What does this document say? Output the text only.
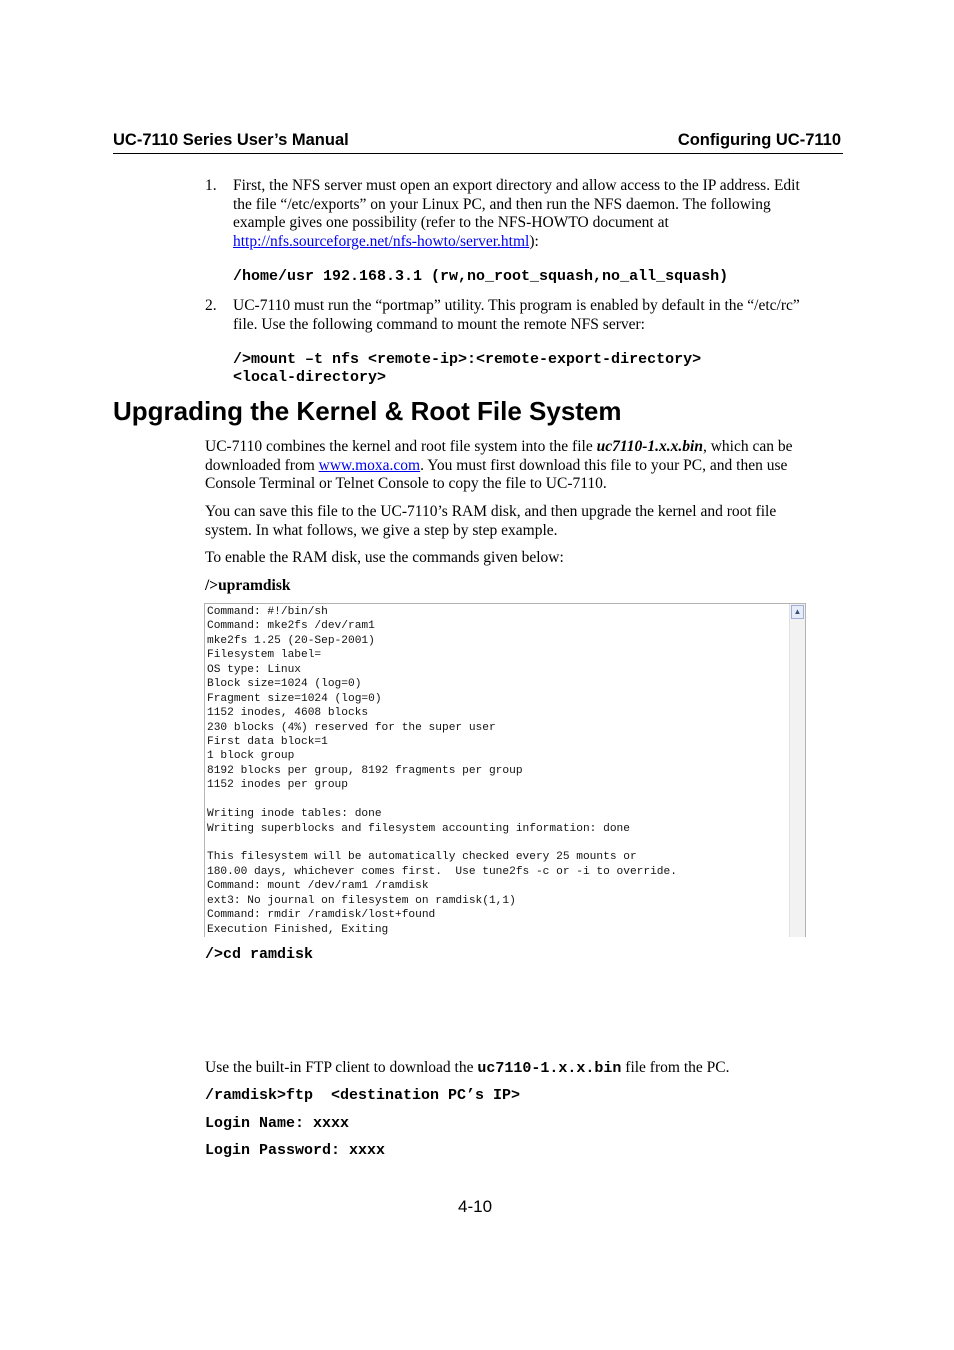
UC-7110 Series User’s Manual	Configuring UC-7110
1. First, the NFS server must open an export directory and allow access to the IP address. Edit
the file “/etc/exports” on your Linux PC, and then run the NFS daemon. The following
example gives one possibility (refer to the NFS-HOWTO document at
http://nfs.sourceforge.net/nfs-howto/server.html):
/home/usr 192.168.3.1 (rw,no_root_squash,no_all_squash)
2. UC-7110 must run the “portmap” utility. This program is enabled by default in the “/etc/rc”
file. Use the following command to mount the remote NFS server:
/>mount –t nfs <remote-ip>:<remote-export-directory>
<local-directory>
Upgrading the Kernel & Root File System
UC-7110 combines the kernel and root file system into the file uc7110-1.x.x.bin, which can be
downloaded from www.moxa.com. You must first download this file to your PC, and then use
Console Terminal or Telnet Console to copy the file to UC-7110.
You can save this file to the UC-7110’s RAM disk, and then upgrade the kernel and root file
system. In what follows, we give a step by step example.
To enable the RAM disk, use the commands given below:
/>upramdisk
Command: #!/bin/sh
Command: mke2fs /dev/ram1
mke2fs 1.25 (20-Sep-2001)
Filesystem label=
OS type: Linux
Block size=1024 (log=0)
Fragment size=1024 (log=0)
1152 inodes, 4608 blocks
230 blocks (4%) reserved for the super user
First data block=1
1 block group
8192 blocks per group, 8192 fragments per group
1152 inodes per group
Writing inode tables: done
Writing superblocks and filesystem accounting information: done
This filesystem will be automatically checked every 25 mounts or
180.00 days, whichever comes first.  Use tune2fs -c or -i to override.
Command: mount /dev/ram1 /ramdisk
ext3: No journal on filesystem on ramdisk(1,1)
Command: rmdir /ramdisk/lost+found
Execution Finished, Exiting
▲
/>cd ramdisk
Use the built-in FTP client to download the uc7110-1.x.x.bin file from the PC.
/ramdisk>ftp  <destination PC’s IP>
Login Name: xxxx
Login Password: xxxx
4-10
